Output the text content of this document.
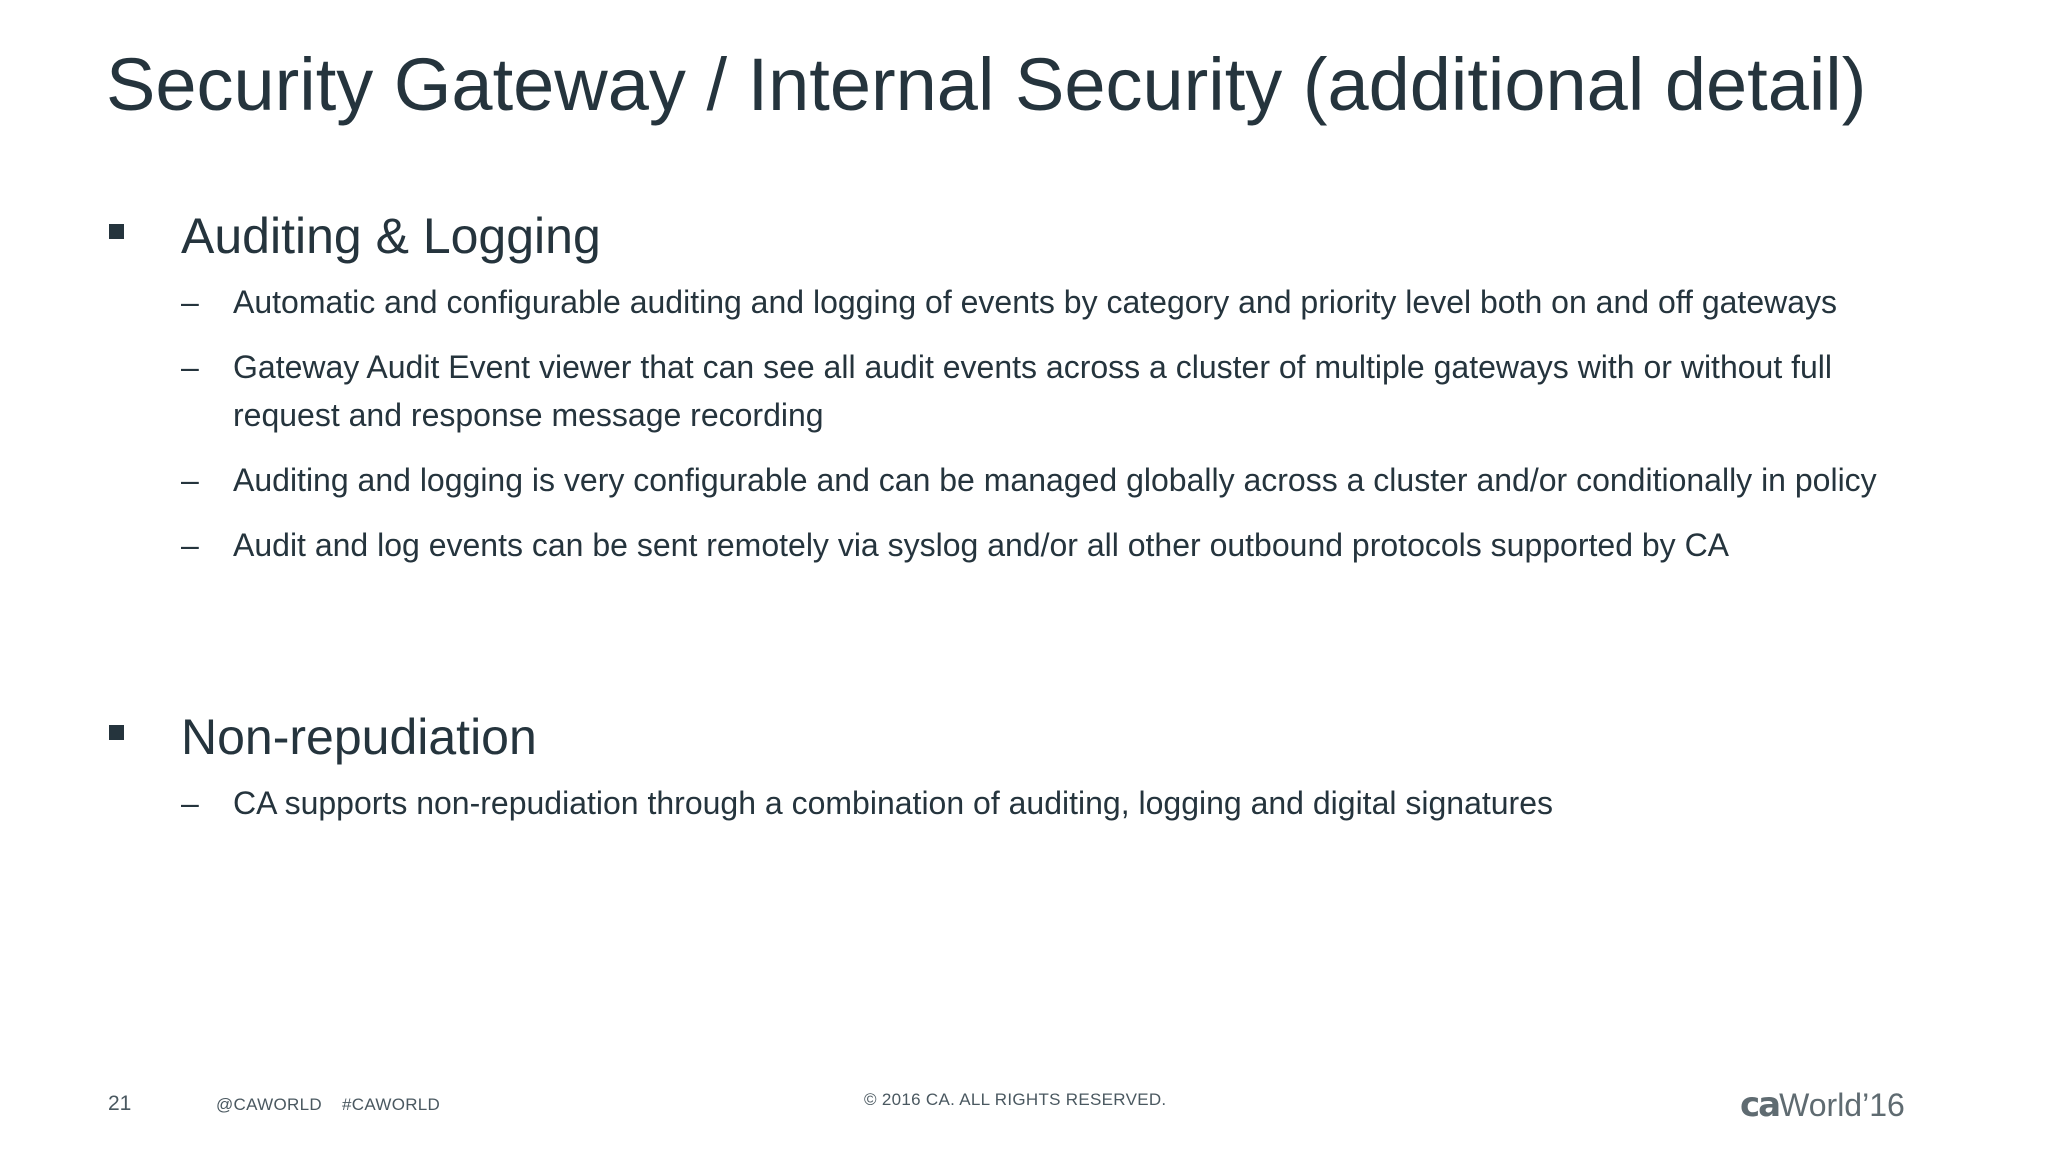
Security Gateway / Internal Security (additional detail)
Auditing & Logging
– Automatic and configurable auditing and logging of events by category and priority level both on and off gateways
– Gateway Audit Event viewer that can see all audit events across a cluster of multiple gateways with or without full request and response message recording
– Auditing and logging is very configurable and can be managed globally across a cluster and/or conditionally in policy
– Audit and log events can be sent remotely via syslog and/or all other outbound protocols supported by CA
Non-repudiation
– CA supports non-repudiation through a combination of auditing, logging and digital signatures
21	@CAWORLD    #CAWORLD	© 2016 CA. ALL RIGHTS RESERVED.	caWorld’16
